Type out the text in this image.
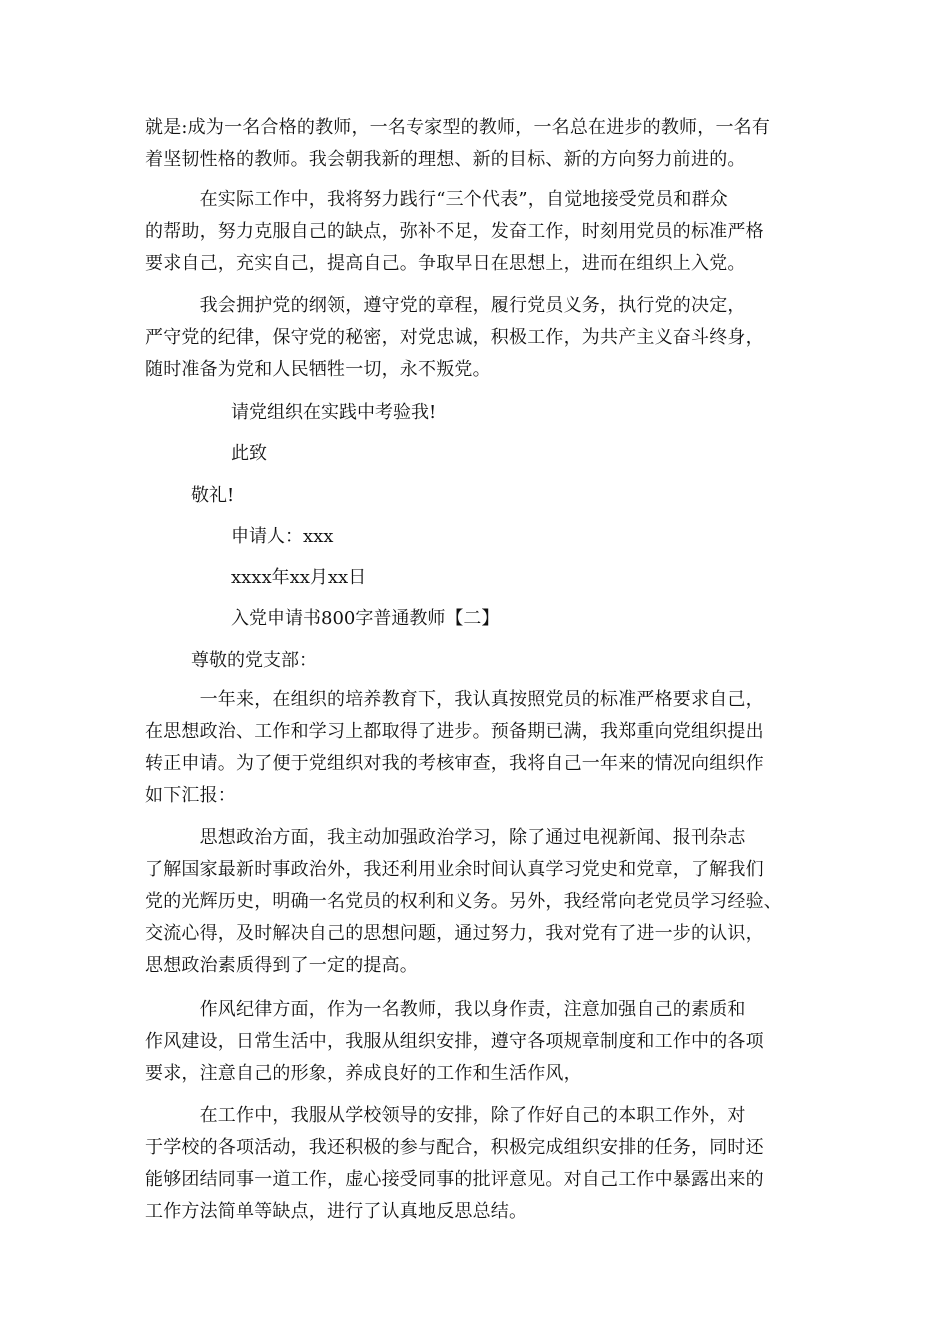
就是:成为一名合格的教师，一名专家型的教师，一名总在进步的教师，一名有
着坚韧性格的教师。我会朝我新的理想、新的目标、新的方向努力前进的。

　　　在实际工作中，我将努力践行“三个代表”，自觉地接受党员和群众
的帮助，努力克服自己的缺点，弥补不足，发奋工作，时刻用党员的标准严格
要求自己，充实自己，提高自己。争取早日在思想上，进而在组织上入党。

　　　我会拥护党的纲领，遵守党的章程，履行党员义务，执行党的决定，
严守党的纪律，保守党的秘密，对党忠诚，积极工作，为共产主义奋斗终身，
随时准备为党和人民牺牲一切，永不叛党。

请党组织在实践中考验我!

此致

敬礼!

申请人：xxx

xxxx年xx月xx日

入党申请书800字普通教师【二】

尊敬的党支部：

　　　一年来，在组织的培养教育下，我认真按照党员的标准严格要求自己，
在思想政治、工作和学习上都取得了进步。预备期已满，我郑重向党组织提出
转正申请。为了便于党组织对我的考核审查，我将自己一年来的情况向组织作
如下汇报：

　　　思想政治方面，我主动加强政治学习，除了通过电视新闻、报刊杂志
了解国家最新时事政治外，我还利用业余时间认真学习党史和党章，了解我们
党的光辉历史，明确一名党员的权利和义务。另外，我经常向老党员学习经验、
交流心得，及时解决自己的思想问题，通过努力，我对党有了进一步的认识，
思想政治素质得到了一定的提高。

　　　作风纪律方面，作为一名教师，我以身作责，注意加强自己的素质和
作风建设，日常生活中，我服从组织安排，遵守各项规章制度和工作中的各项
要求，注意自己的形象，养成良好的工作和生活作风，

　　　在工作中，我服从学校领导的安排，除了作好自己的本职工作外，对
于学校的各项活动，我还积极的参与配合，积极完成组织安排的任务，同时还
能够团结同事一道工作，虚心接受同事的批评意见。对自己工作中暴露出来的
工作方法简单等缺点，进行了认真地反思总结。
